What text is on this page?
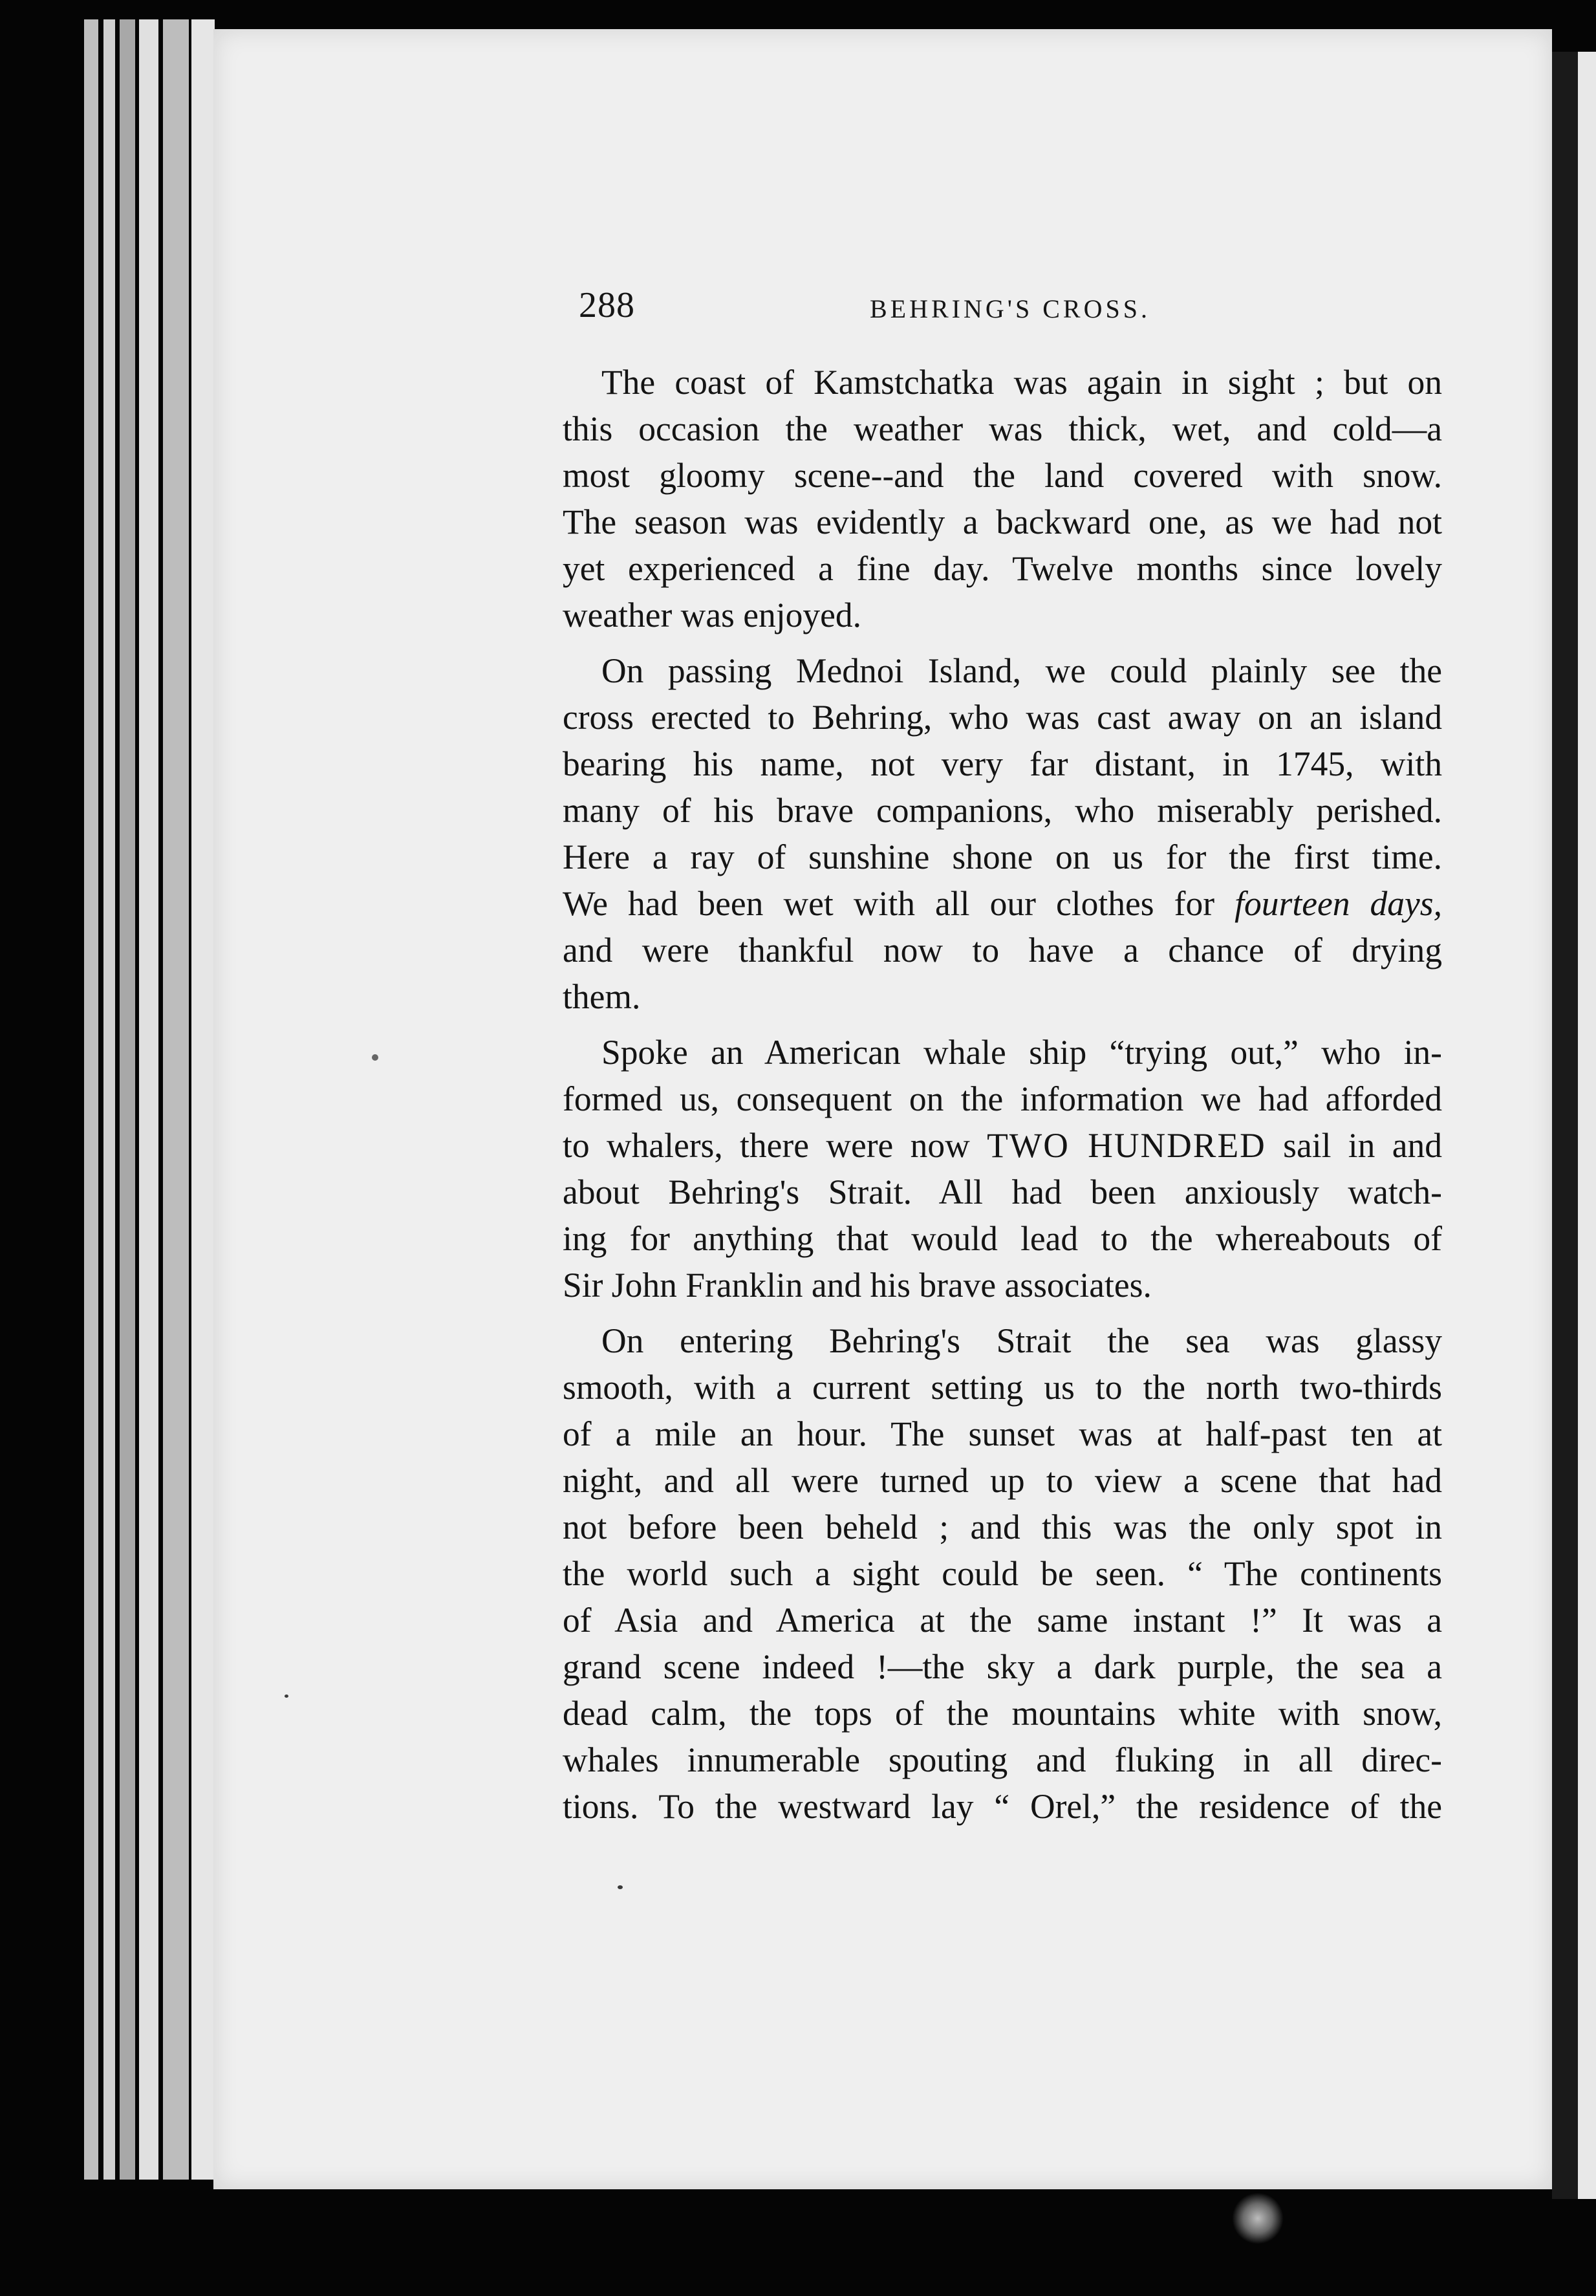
288	BEHRING'S CROSS.
The coast of Kamstchatka was again in sight ; but on
this occasion the weather was thick, wet, and cold—a
most gloomy scene--and the land covered with snow.
The season was evidently a backward one, as we had not
yet experienced a fine day. Twelve months since lovely
weather was enjoyed.
On passing Mednoi Island, we could plainly see the
cross erected to Behring, who was cast away on an island
bearing his name, not very far distant, in 1745, with
many of his brave companions, who miserably perished.
Here a ray of sunshine shone on us for the first time.
We had been wet with all our clothes for fourteen days,
and were thankful now to have a chance of drying
them.
Spoke an American whale ship “trying out,” who in-
formed us, consequent on the information we had afforded
to whalers, there were now TWO HUNDRED sail in and
about Behring's Strait. All had been anxiously watch-
ing for anything that would lead to the whereabouts of
Sir John Franklin and his brave associates.
On entering Behring's Strait the sea was glassy
smooth, with a current setting us to the north two-thirds
of a mile an hour. The sunset was at half-past ten at
night, and all were turned up to view a scene that had
not before been beheld ; and this was the only spot in
the world such a sight could be seen. “ The continents
of Asia and America at the same instant !” It was a
grand scene indeed !—the sky a dark purple, the sea a
dead calm, the tops of the mountains white with snow,
whales innumerable spouting and fluking in all direc-
tions. To the westward lay “ Orel,” the residence of the
